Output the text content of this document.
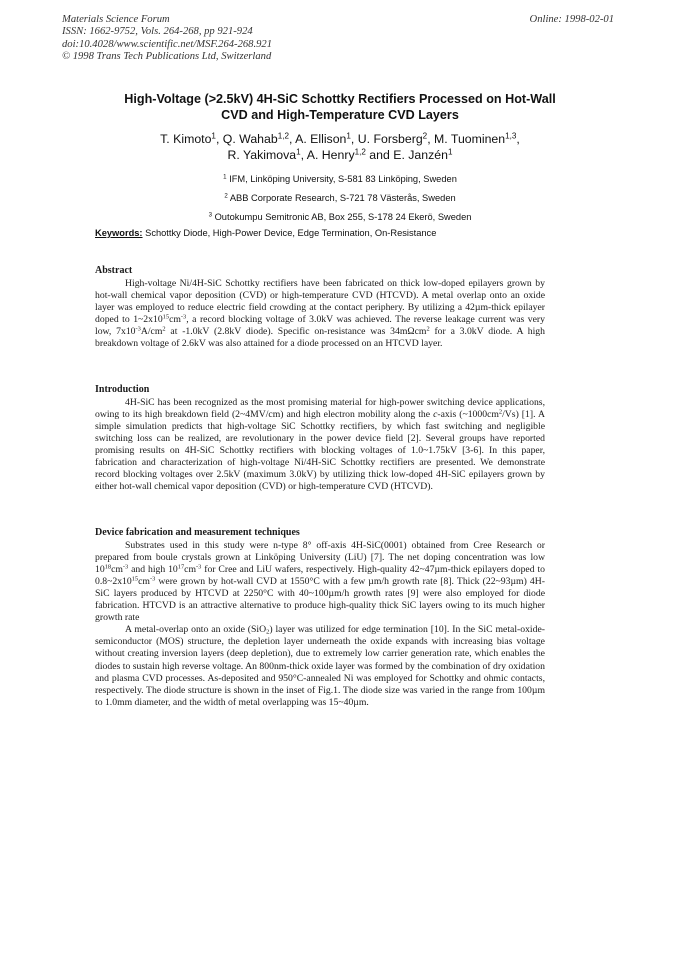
Materials Science Forum
ISSN: 1662-9752, Vols. 264-268, pp 921-924
doi:10.4028/www.scientific.net/MSF.264-268.921
© 1998 Trans Tech Publications Ltd, Switzerland
Online: 1998-02-01
High-Voltage (>2.5kV) 4H-SiC Schottky Rectifiers Processed on Hot-Wall
CVD and High-Temperature CVD Layers
T. Kimoto$^1$, Q. Wahab$^{1,2}$, A. Ellison$^1$, U. Forsberg$^2$, M. Tuominen$^{1,3}$,
R. Yakimova$^1$, A. Henry$^{1,2}$ and E. Janzén$^1$
$^1$ IFM, Linköping University, S-581 83 Linköping, Sweden
$^2$ ABB Corporate Research, S-721 78 Västerås, Sweden
$^3$ Outokumpu Semitronic AB, Box 255, S-178 24 Ekerö, Sweden
Keywords: Schottky Diode, High-Power Device, Edge Termination, On-Resistance
Abstract

High-voltage Ni/4H-SiC Schottky rectifiers have been fabricated on thick low-doped epilayers grown by hot-wall chemical vapor deposition (CVD) or high-temperature CVD (HTCVD). A metal overlap onto an oxide layer was employed to reduce electric field crowding at the contact periphery. By utilizing a 42µm-thick epilayer doped to $1\sim 2x10^{15}cm^{-3}$, a record blocking voltage of 3.0kV was achieved. The reverse leakage current was very low, $7x10^{-3}A/cm^2$ at -1.0kV (2.8kV diode). Specific on-resistance was 34mΩcm$^2$ for a 3.0kV diode. A high breakdown voltage of 2.6kV was also attained for a diode processed on an HTCVD layer.

Introduction

4H-SiC has been recognized as the most promising material for high-power switching device applications, owing to its high breakdown field (2~4MV/cm) and high electron mobility along the c-axis $(\sim 1000cm^2/Vs)$ [1]. A simple simulation predicts that high-voltage SiC Schottky rectifiers, by which fast switching and negligible switching loss can be realized, are revolutionary in the power device field [2]. Several groups have reported promising results on 4H-SiC Schottky rectifiers with blocking voltages of 1.0~1.75kV [3-6]. In this paper, fabrication and characterization of high-voltage Ni/4H-SiC Schottky rectifiers are presented. We demonstrate record blocking voltages over 2.5kV (maximum 3.0kV) by utilizing thick low-doped 4H-SiC epilayers grown by either hot-wall chemical vapor deposition (CVD) or high-temperature CVD (HTCVD).

Device fabrication and measurement techniques

Substrates used in this study were n-type 8° off-axis 4H-SiC(0001) obtained from Cree Research or prepared from boule crystals grown at Linköping University (LiU) [7]. The net doping concentration was low $10^{18}cm^{-3}$ and high $10^{17}cm^{-3}$ for Cree and LiU wafers, respectively. High-quality 42~47µm-thick epilayers doped to $0.8\sim 2x10^{15}cm^{-3}$ were grown by hot-wall CVD at 1550°C with a few µm/h growth rate [8]. Thick (22~93µm) 4H-SiC layers produced by HTCVD at 2250°C with 40~100µm/h growth rates [9] were also employed for diode fabrication. HTCVD is an attractive alternative to produce high-quality thick SiC layers owing to its much higher growth rate

A metal-overlap onto an oxide (SiO$_2$) layer was utilized for edge termination [10]. In the SiC metal-oxide-semiconductor (MOS) structure, the depletion layer underneath the oxide expands with increasing bias voltage without creating inversion layers (deep depletion), due to extremely low carrier generation rate, which enables the diodes to sustain high reverse voltage. An 800nm-thick oxide layer was formed by the combination of dry oxidation and plasma CVD processes. As-deposited and 950°C-annealed Ni was employed for Schottky and ohmic contacts, respectively. The diode structure is shown in the inset of Fig.1. The diode size was varied in the range from 100µm to 1.0mm diameter, and the width of metal overlapping was 15~40µm.
